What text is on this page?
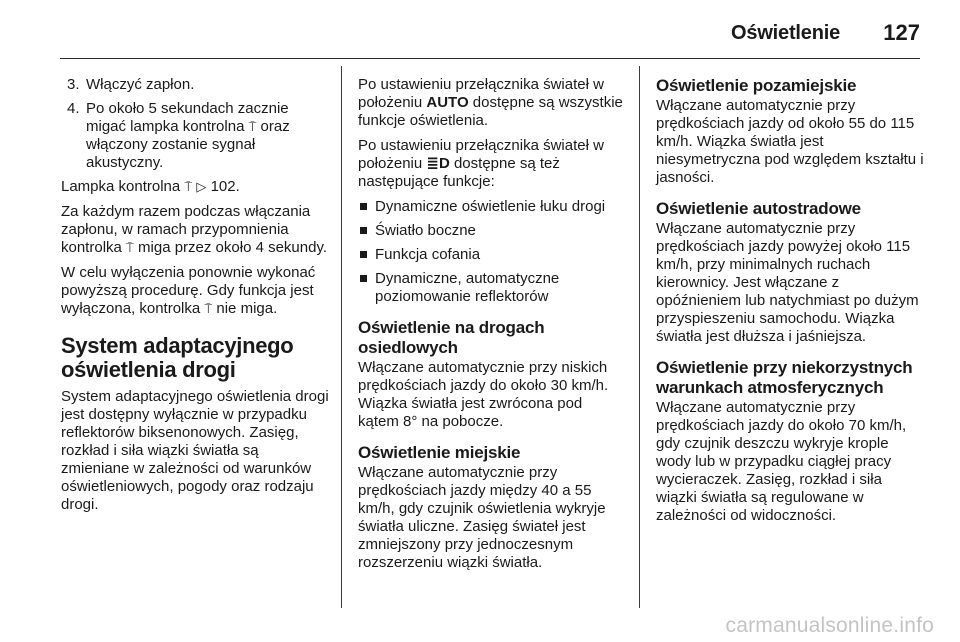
Oświetlenie 127
3. Włączyć zapłon.
4. Po około 5 sekundach zacznie migać lampka kontrolna ⍑ oraz włączony zostanie sygnał akustyczny.

Lampka kontrolna ⍑ ▷ 102.

Za każdym razem podczas włączania zapłonu, w ramach przypomnienia kontrolka ⍑ miga przez około 4 sekundy.

W celu wyłączenia ponownie wykonać powyższą procedurę. Gdy funkcja jest wyłączona, kontrolka ⍑ nie miga.

System adaptacyjnego oświetlenia drogi

System adaptacyjnego oświetlenia drogi jest dostępny wyłącznie w przypadku reflektorów biksenonowych. Zasięg, rozkład i siła wiązki światła są zmieniane w zależności od warunków oświetleniowych, pogody oraz rodzaju drogi.

Po ustawieniu przełącznika świateł w położeniu AUTO dostępne są wszystkie funkcje oświetlenia.

Po ustawieniu przełącznika świateł w położeniu ≣D dostępne są też następujące funkcje:

Dynamiczne oświetlenie łuku drogi
Światło boczne
Funkcja cofania
Dynamiczne, automatyczne poziomowanie reflektorów
Oświetlenie na drogach osiedlowych

Włączane automatycznie przy niskich prędkościach jazdy do około 30 km/h. Wiązka światła jest zwrócona pod kątem 8° na pobocze.

Oświetlenie miejskie

Włączane automatycznie przy prędkościach jazdy między 40 a 55 km/h, gdy czujnik oświetlenia wykryje światła uliczne. Zasięg świateł jest zmniejszony przy jednoczesnym rozszerzeniu wiązki światła.

Oświetlenie pozamiejskie

Włączane automatycznie przy prędkościach jazdy od około 55 do 115 km/h. Wiązka światła jest niesymetryczna pod względem kształtu i jasności.

Oświetlenie autostradowe

Włączane automatycznie przy prędkościach jazdy powyżej około 115 km/h, przy minimalnych ruchach kierownicy. Jest włączane z opóźnieniem lub natychmiast po dużym przyspieszeniu samochodu. Wiązka światła jest dłuższa i jaśniejsza.

Oświetlenie przy niekorzystnych warunkach atmosferycznych

Włączane automatycznie przy prędkościach jazdy do około 70 km/h, gdy czujnik deszczu wykryje krople wody lub w przypadku ciągłej pracy wycieraczek. Zasięg, rozkład i siła wiązki światła są regulowane w zależności od widoczności.

carmanualsonline.info
